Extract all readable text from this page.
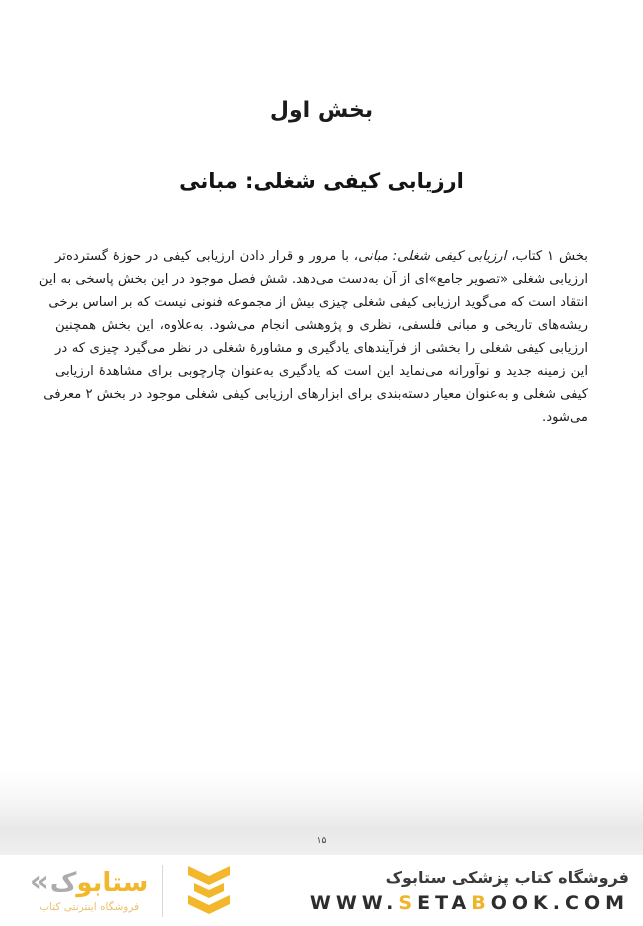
بخش اول
ارزیابی کیفی شغلی: مبانی
بخش ۱ کتاب، ارزیابی کیفی شغلی: مبانی، با مرور و قرار دادن ارزیابی کیفی در حوزهٔ گسترده‌تر
ارزیابی شغلی «تصویر جامع»ای از آن به‌دست می‌دهد. شش فصل موجود در این بخش پاسخی به این
انتقاد است که می‌گوید ارزیابی کیفی شغلی چیزی بیش از مجموعه فنونی نیست که بر اساس برخی
ریشه‌های تاریخی و مبانی فلسفی، نظری و پژوهشی انجام می‌شود. به‌علاوه، این بخش همچنین
ارزیابی کیفی شغلی را بخشی از فرآیندهای یادگیری و مشاورهٔ شغلی در نظر می‌گیرد چیزی که در
این زمینه جدید و نوآورانه می‌نماید این است که یادگیری به‌عنوان چارچوبی برای مشاهدهٔ ارزیابی
کیفی شغلی و به‌عنوان معیار دسته‌بندی برای ابزارهای ارزیابی کیفی شغلی موجود در بخش ۲ معرفی
می‌شود.
۱۵
«	ستابوک
فروشگاه اینترنتی کتاب
فروشگاه کتاب پزشکی ستابوک
WWW.SETABOOK.COM
